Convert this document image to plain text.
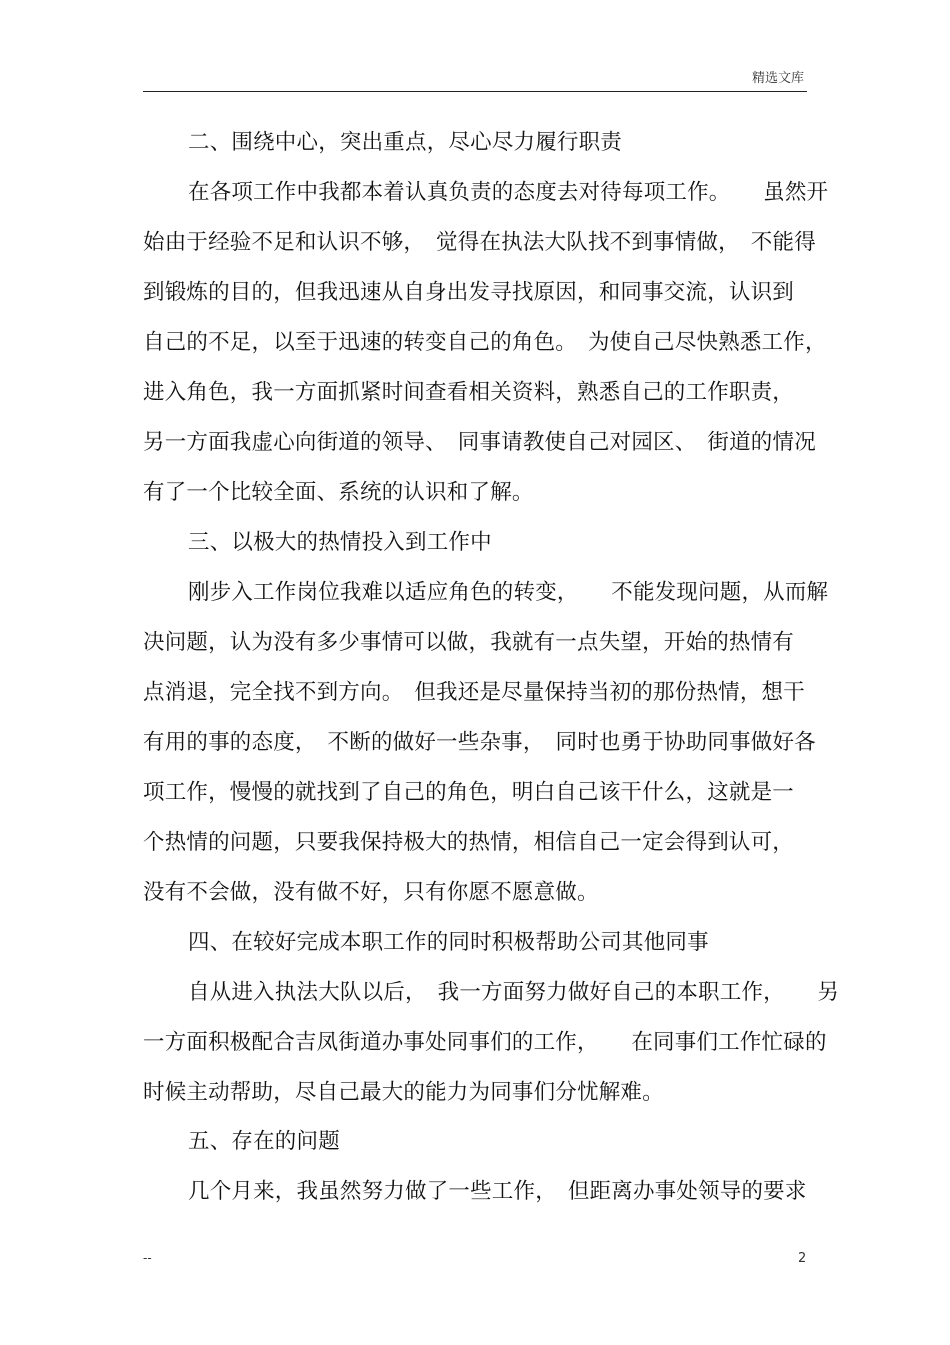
精选文库
二、围绕中心，突出重点，尽心尽力履行职责
在各项工作中我都本着认真负责的态度去对待每项工作。　　虽然开
始由于经验不足和认识不够，　觉得在执法大队找不到事情做，　不能得
到锻炼的目的，但我迅速从自身出发寻找原因，和同事交流，认识到
自己的不足，以至于迅速的转变自己的角色。　为使自己尽快熟悉工作，
进入角色，我一方面抓紧时间查看相关资料，熟悉自己的工作职责，
另一方面我虚心向街道的领导、　同事请教使自己对园区、　街道的情况
有了一个比较全面、系统的认识和了解。
三、以极大的热情投入到工作中
刚步入工作岗位我难以适应角色的转变，　　不能发现问题，从而解
决问题，认为没有多少事情可以做，我就有一点失望，开始的热情有
点消退，完全找不到方向。　但我还是尽量保持当初的那份热情，想干
有用的事的态度，　不断的做好一些杂事，　同时也勇于协助同事做好各
项工作，慢慢的就找到了自己的角色，明白自己该干什么，这就是一
个热情的问题，只要我保持极大的热情，相信自己一定会得到认可，
没有不会做，没有做不好，只有你愿不愿意做。
四、在较好完成本职工作的同时积极帮助公司其他同事
自从进入执法大队以后，　我一方面努力做好自己的本职工作，　　另
一方面积极配合吉凤街道办事处同事们的工作，　　在同事们工作忙碌的
时候主动帮助，尽自己最大的能力为同事们分忧解难。
五、存在的问题
几个月来，我虽然努力做了一些工作，　但距离办事处领导的要求
--	2
